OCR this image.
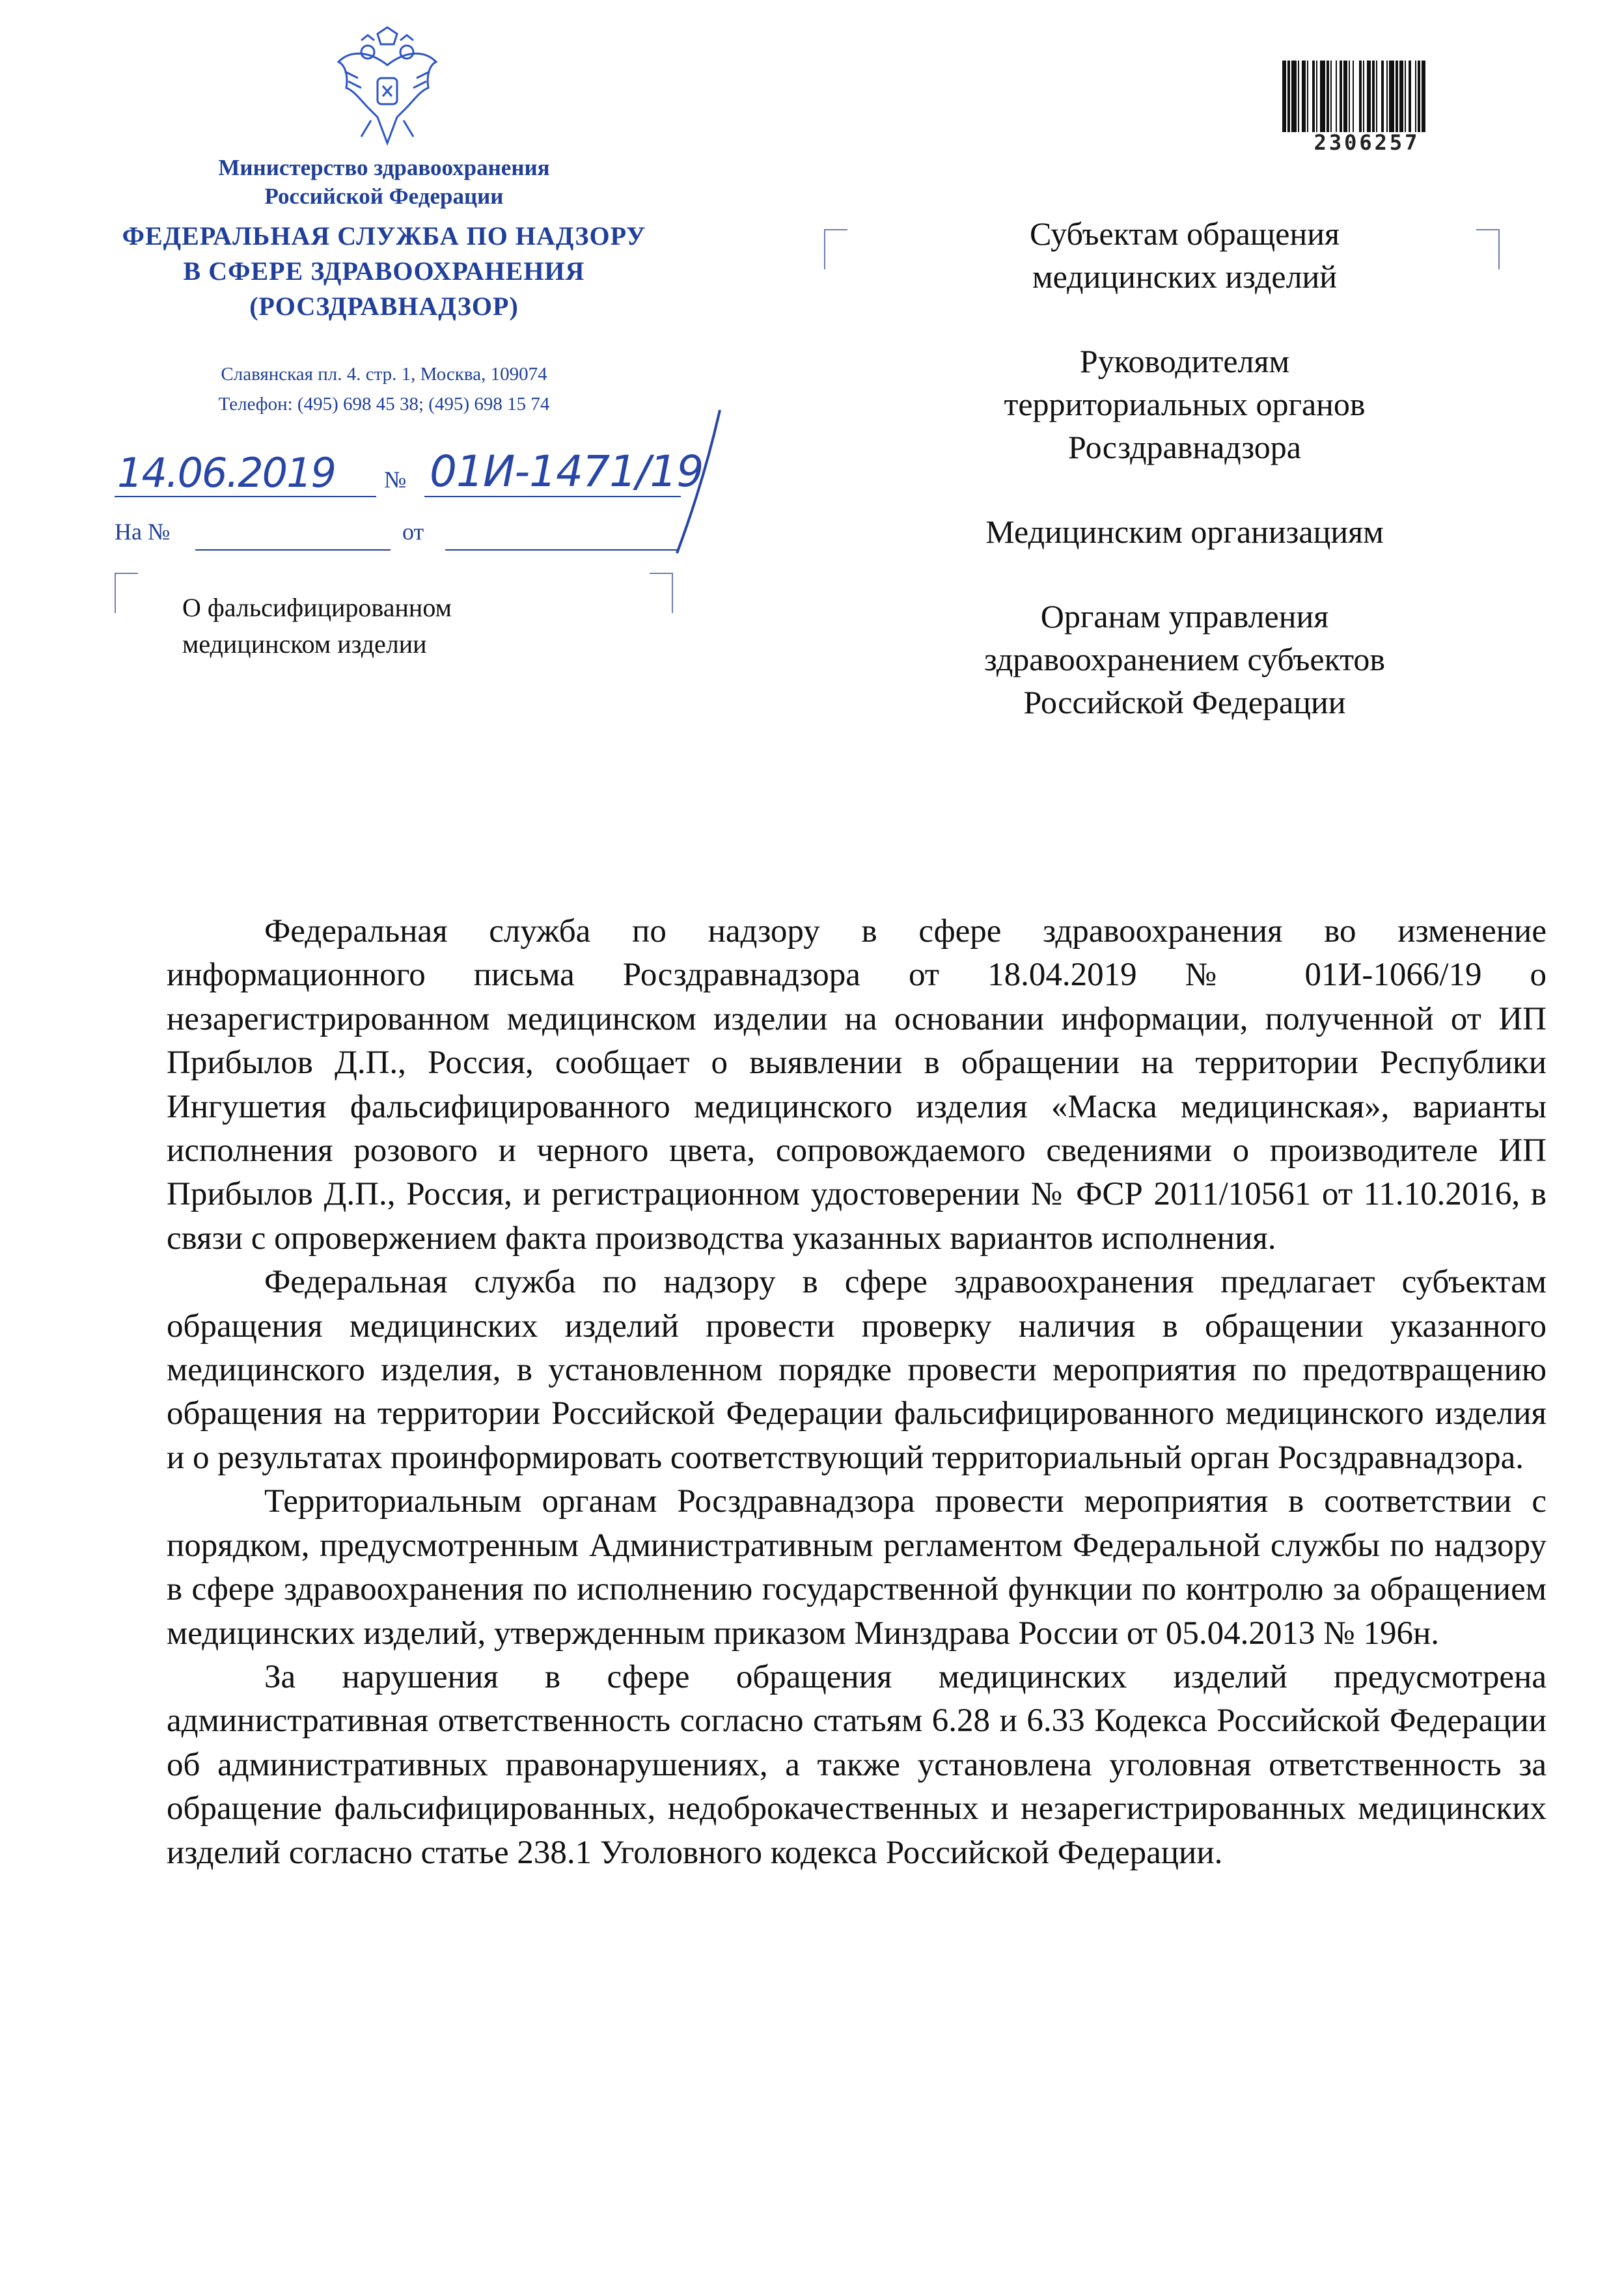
Министерство здравоохранения
Российской Федерации
ФЕДЕРАЛЬНАЯ СЛУЖБА ПО НАДЗОРУ
В СФЕРЕ ЗДРАВООХРАНЕНИЯ
(РОСЗДРАВНАДЗОР)
Славянская пл. 4. стр. 1, Москва, 109074
Телефон: (495) 698 45 38; (495) 698 15 74
14.06.2019 № 01И-1471/19
На №	от
О фальсифицированном
медицинском изделии
2306257
Субъектам обращения
медицинских изделий
Руководителям
территориальных органов
Росздравнадзора
Медицинским организациям
Органам управления
здравоохранением субъектов
Российской Федерации

Федеральная служба по надзору в сфере здравоохранения во изменение информационного письма Росздравнадзора от 18.04.2019 № 01И-1066/19 о незарегистрированном медицинском изделии на основании информации, полученной от ИП Прибылов Д.П., Россия, сообщает о выявлении в обращении на территории Республики Ингушетия фальсифицированного медицинского изделия «Маска медицинская», варианты исполнения розового и черного цвета, сопровождаемого сведениями о производителе ИП Прибылов Д.П., Россия, и регистрационном удостоверении № ФСР 2011/10561 от 11.10.2016, в связи с опровержением факта производства указанных вариантов исполнения.

Федеральная служба по надзору в сфере здравоохранения предлагает субъектам обращения медицинских изделий провести проверку наличия в обращении указанного медицинского изделия, в установленном порядке провести мероприятия по предотвращению обращения на территории Российской Федерации фальсифицированного медицинского изделия и о результатах проинформировать соответствующий территориальный орган Росздравнадзора.

Территориальным органам Росздравнадзора провести мероприятия в соответствии с порядком, предусмотренным Административным регламентом Федеральной службы по надзору в сфере здравоохранения по исполнению государственной функции по контролю за обращением медицинских изделий, утвержденным приказом Минздрава России от 05.04.2013 № 196н.

За нарушения в сфере обращения медицинских изделий предусмотрена административная ответственность согласно статьям 6.28 и 6.33 Кодекса Российской Федерации об административных правонарушениях, а также установлена уголовная ответственность за обращение фальсифицированных, недоброкачественных и незарегистрированных медицинских изделий согласно статье 238.1 Уголовного кодекса Российской Федерации.
